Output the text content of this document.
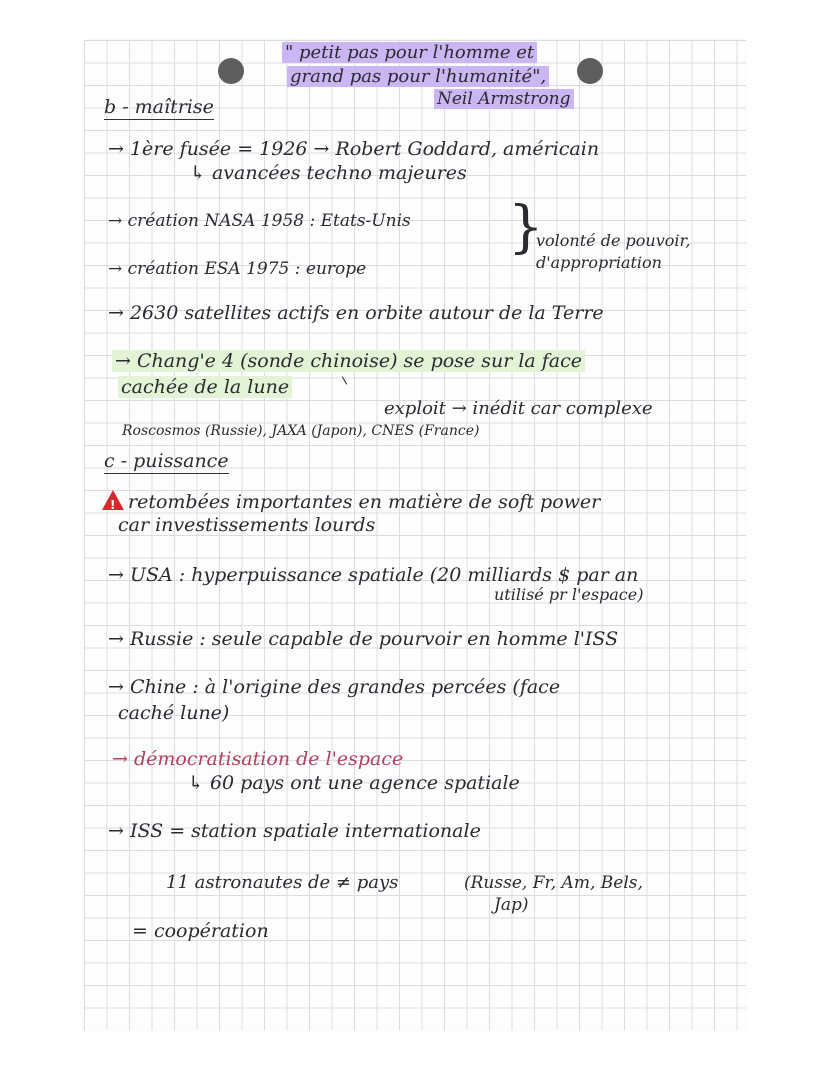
" petit pas pour l'homme et
grand pas pour l'humanité",
Neil Armstrong
b - maîtrise
→ 1ère fusée = 1926 → Robert Goddard, américain
↳ avancées techno majeures
→ création NASA 1958 : Etats-Unis }
→ création ESA 1975 : europe
volonté de pouvoir,
d'appropriation
→ 2630 satellites actifs en orbite autour de la Terre
→ Chang'e 4 (sonde chinoise) se pose sur la face
cachée de la lune
exploit → inédit car complexe
Roscosmos (Russie), JAXA (Japon), CNES (France)
c - puissance
!retombées importantes en matière de soft power
car investissements lourds
→ USA : hyperpuissance spatiale (20 milliards $ par an
utilisé pr l'espace)
→ Russie : seule capable de pourvoir en homme l'ISS
→ Chine : à l'origine des grandes percées (face
caché lune)
→ démocratisation de l'espace
↳ 60 pays ont une agence spatiale
→ ISS = station spatiale internationale
11 astronautes de ≠ pays	(Russe, Fr, Am, Bels,
Jap)
= coopération
